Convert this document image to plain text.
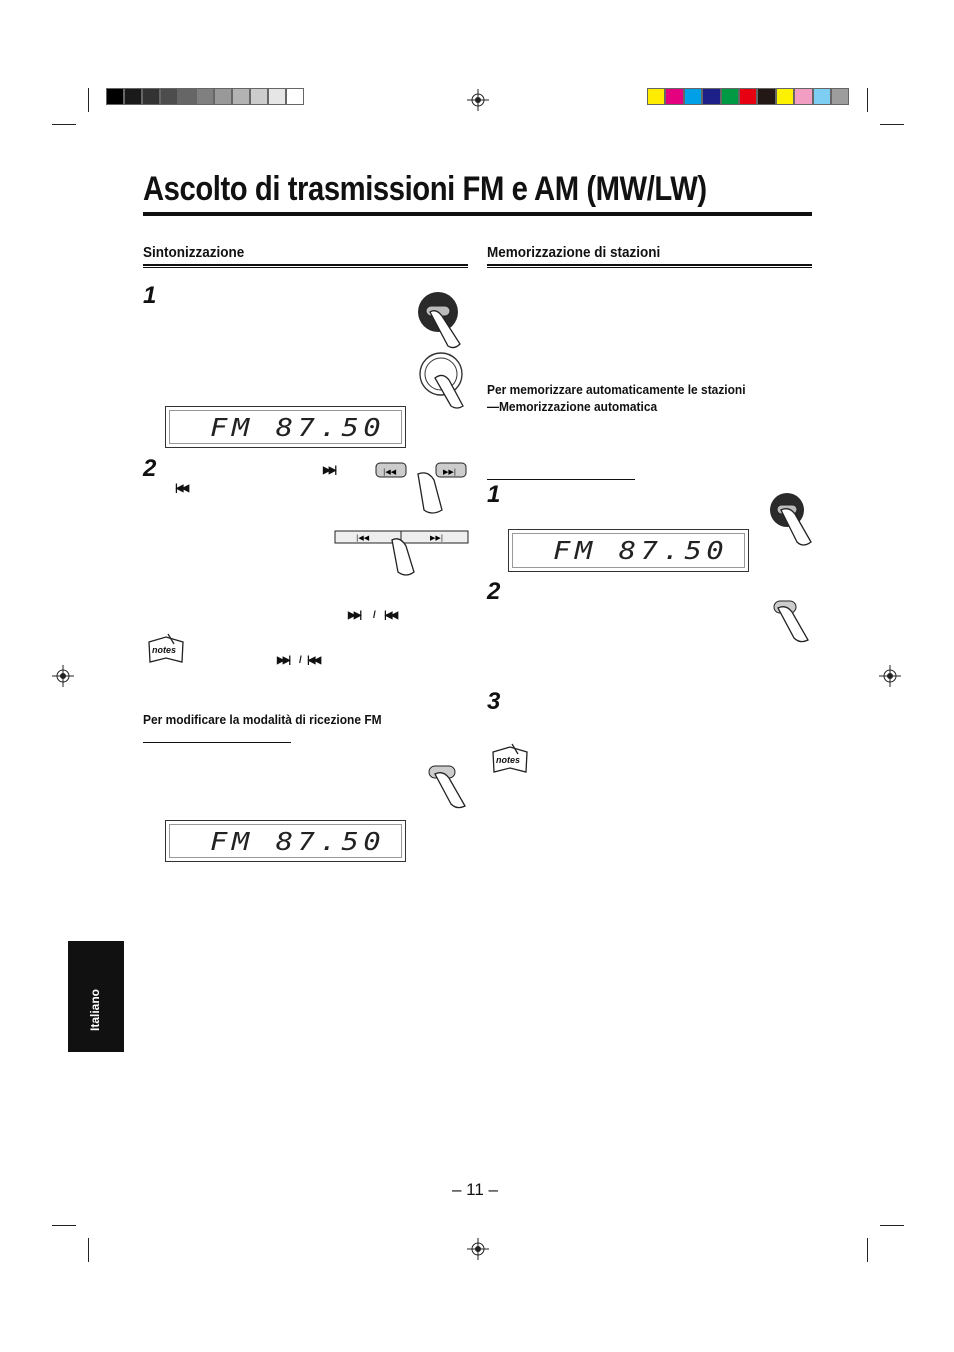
Ascolto di trasmissioni FM e AM (MW/LW)
Sintonizzazione
1
FM 87.50
2	▶▶|
|◀◀
|◀◀	▶▶|
|◀◀	▶▶|
▶▶| / |◀◀
notes
▶▶| / |◀◀
Per modificare la modalità di ricezione FM
FM 87.50
Memorizzazione di stazioni
Per memorizzare automaticamente le stazioni
—Memorizzazione automatica
1
FM 87.50
2
3
notes
Italiano
– 11 –
